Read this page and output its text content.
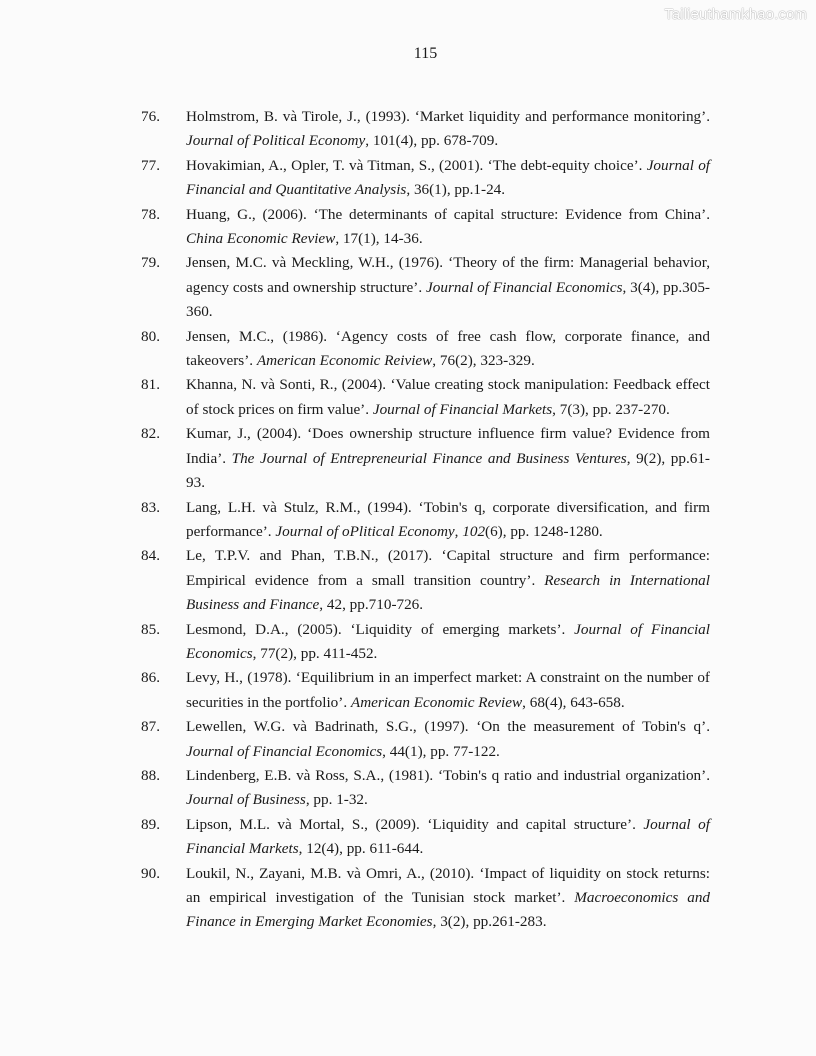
Tailieuthamkhao.com
115
76. Holmstrom, B. và Tirole, J., (1993). ‘Market liquidity and performance monitoring’. Journal of Political Economy, 101(4), pp. 678-709.
77. Hovakimian, A., Opler, T. và Titman, S., (2001). ‘The debt-equity choice’. Journal of Financial and Quantitative Analysis, 36(1), pp.1-24.
78. Huang, G., (2006). ‘The determinants of capital structure: Evidence from China’. China Economic Review, 17(1), 14-36.
79. Jensen, M.C. và Meckling, W.H., (1976). ‘Theory of the firm: Managerial behavior, agency costs and ownership structure’. Journal of Financial Economics, 3(4), pp.305-360.
80. Jensen, M.C., (1986). ‘Agency costs of free cash flow, corporate finance, and takeovers’. American Economic Reiview, 76(2), 323-329.
81. Khanna, N. và Sonti, R., (2004). ‘Value creating stock manipulation: Feedback effect of stock prices on firm value’. Journal of Financial Markets, 7(3), pp. 237-270.
82. Kumar, J., (2004). ‘Does ownership structure influence firm value? Evidence from India’. The Journal of Entrepreneurial Finance and Business Ventures, 9(2), pp.61-93.
83. Lang, L.H. và Stulz, R.M., (1994). ‘Tobin's q, corporate diversification, and firm performance’. Journal of oPlitical Economy, 102(6), pp. 1248-1280.
84. Le, T.P.V. and Phan, T.B.N., (2017). ‘Capital structure and firm performance: Empirical evidence from a small transition country’. Research in International Business and Finance, 42, pp.710-726.
85. Lesmond, D.A., (2005). ‘Liquidity of emerging markets’. Journal of Financial Economics, 77(2), pp. 411-452.
86. Levy, H., (1978). ‘Equilibrium in an imperfect market: A constraint on the number of securities in the portfolio’. American Economic Review, 68(4), 643-658.
87. Lewellen, W.G. và Badrinath, S.G., (1997). ‘On the measurement of Tobin's q’. Journal of Financial Economics, 44(1), pp. 77-122.
88. Lindenberg, E.B. và Ross, S.A., (1981). ‘Tobin's q ratio and industrial organization’. Journal of Business, pp. 1-32.
89. Lipson, M.L. và Mortal, S., (2009). ‘Liquidity and capital structure’. Journal of Financial Markets, 12(4), pp. 611-644.
90. Loukil, N., Zayani, M.B. và Omri, A., (2010). ‘Impact of liquidity on stock returns: an empirical investigation of the Tunisian stock market’. Macroeconomics and Finance in Emerging Market Economies, 3(2), pp.261-283.
